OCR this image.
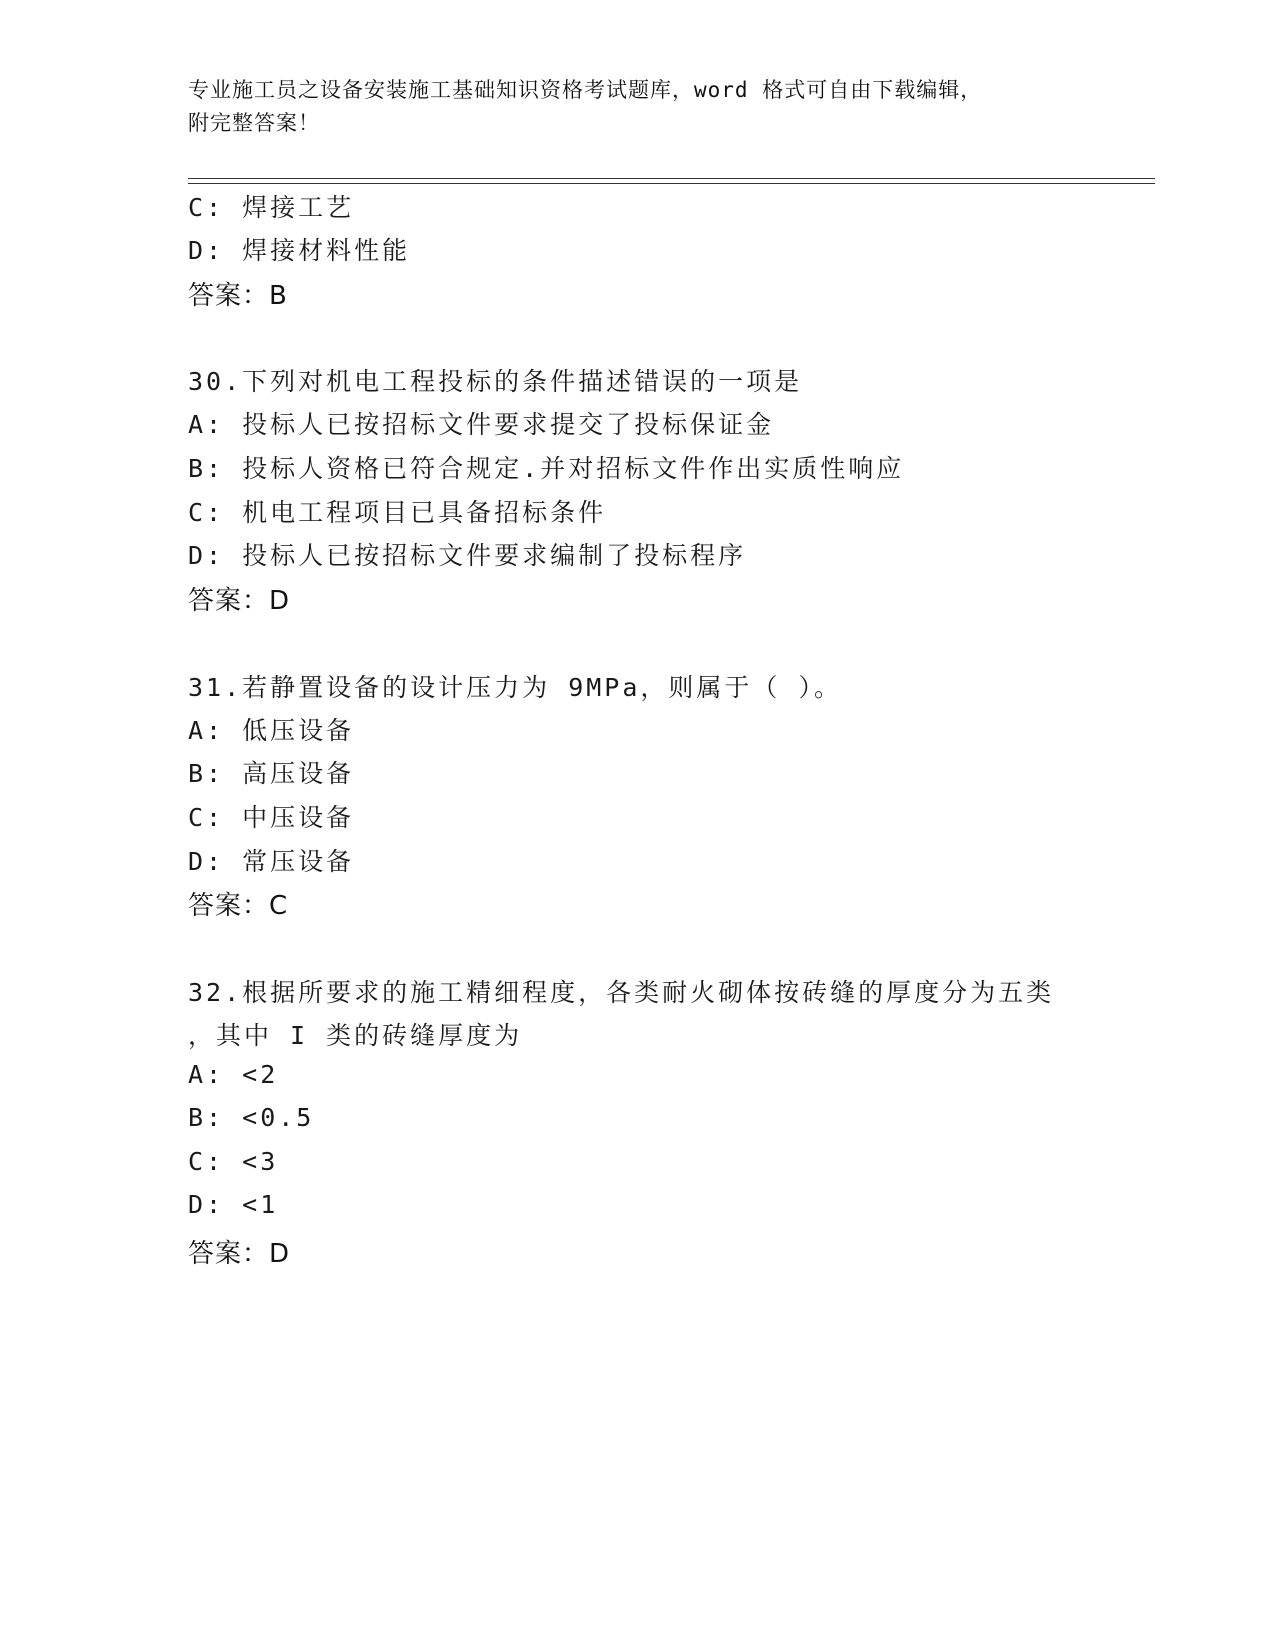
专业施工员之设备安装施工基础知识资格考试题库，word 格式可自由下载编辑，
附完整答案！
C: 焊接工艺
D: 焊接材料性能
答案：B
30.下列对机电工程投标的条件描述错误的一项是
A: 投标人已按招标文件要求提交了投标保证金
B: 投标人资格已符合规定.并对招标文件作出实质性响应
C: 机电工程项目已具备招标条件
D: 投标人已按招标文件要求编制了投标程序
答案：D
31.若静置设备的设计压力为 9MPa，则属于（ ）。
A: 低压设备
B: 高压设备
C: 中压设备
D: 常压设备
答案：C
32.根据所要求的施工精细程度，各类耐火砌体按砖缝的厚度分为五类
，其中 I 类的砖缝厚度为
A: <2
B: <0.5
C: <3
D: <1
答案：D
